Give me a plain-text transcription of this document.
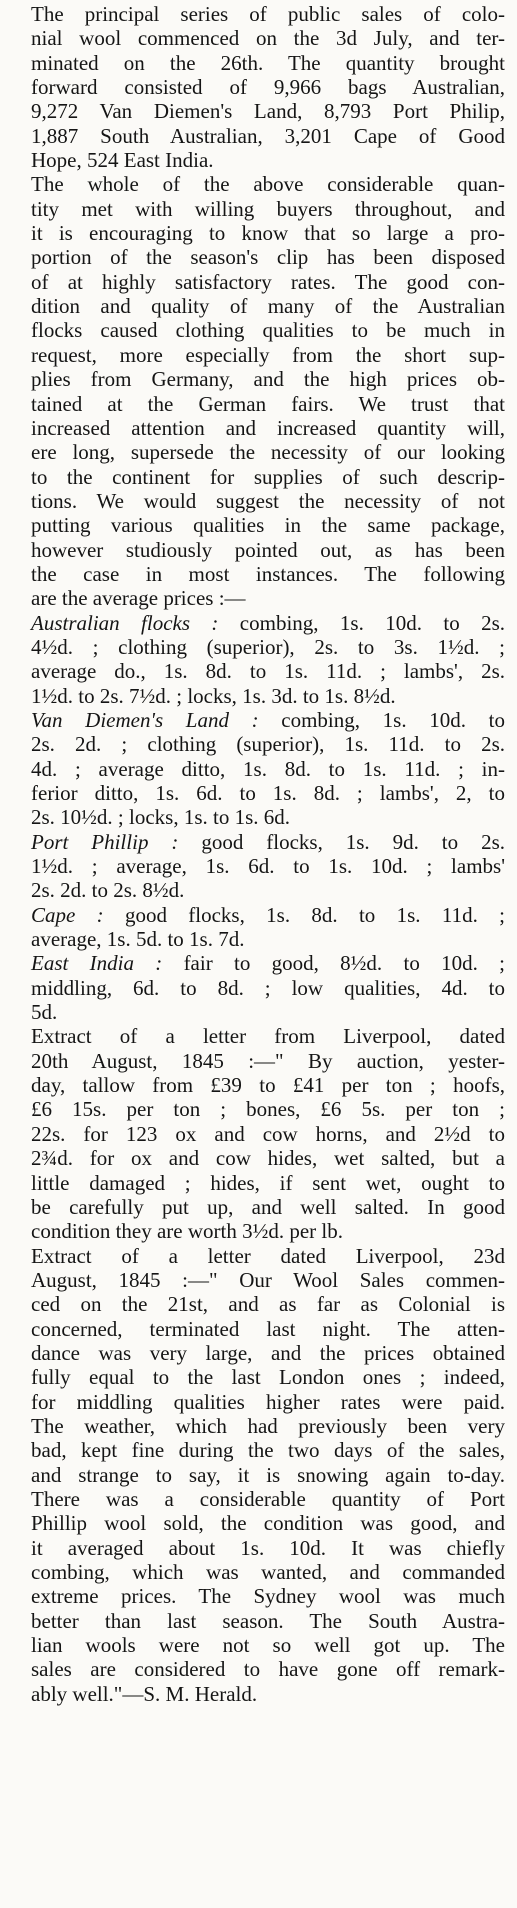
The principal series of public sales of colo-
nial wool commenced on the 3d July, and ter-
minated on the 26th. The quantity brought
forward consisted of 9,966 bags Australian,
9,272 Van Diemen's Land, 8,793 Port Philip,
1,887 South Australian, 3,201 Cape of Good
Hope, 524 East India.

The whole of the above considerable quan-
tity met with willing buyers throughout, and
it is encouraging to know that so large a pro-
portion of the season's clip has been disposed
of at highly satisfactory rates. The good con-
dition and quality of many of the Australian
flocks caused clothing qualities to be much in
request, more especially from the short sup-
plies from Germany, and the high prices ob-
tained at the German fairs. We trust that
increased attention and increased quantity will,
ere long, supersede the necessity of our looking
to the continent for supplies of such descrip-
tions. We would suggest the necessity of not
putting various qualities in the same package,
however studiously pointed out, as has been
the case in most instances. The following
are the average prices :—

Australian flocks : combing, 1s. 10d. to 2s.
4½d. ; clothing (superior), 2s. to 3s. 1½d. ;
average do., 1s. 8d. to 1s. 11d. ; lambs', 2s.
1½d. to 2s. 7½d. ; locks, 1s. 3d. to 1s. 8½d.

Van Diemen's Land : combing, 1s. 10d. to
2s. 2d. ; clothing (superior), 1s. 11d. to 2s.
4d. ; average ditto, 1s. 8d. to 1s. 11d. ; in-
ferior ditto, 1s. 6d. to 1s. 8d. ; lambs', 2, to
2s. 10½d. ; locks, 1s. to 1s. 6d.

Port Phillip : good flocks, 1s. 9d. to 2s.
1½d. ; average, 1s. 6d. to 1s. 10d. ; lambs'
2s. 2d. to 2s. 8½d.

Cape : good flocks, 1s. 8d. to 1s. 11d. ;
average, 1s. 5d. to 1s. 7d.

East India : fair to good, 8½d. to 10d. ;
middling, 6d. to 8d. ; low qualities, 4d. to
5d.

Extract of a letter from Liverpool, dated
20th August, 1845 :—" By auction, yester-
day, tallow from £39 to £41 per ton ; hoofs,
£6 15s. per ton ; bones, £6 5s. per ton ;
22s. for 123 ox and cow horns, and 2½d to
2¾d. for ox and cow hides, wet salted, but a
little damaged ; hides, if sent wet, ought to
be carefully put up, and well salted. In good
condition they are worth 3½d. per lb.

Extract of a letter dated Liverpool, 23d
August, 1845 :—" Our Wool Sales commen-
ced on the 21st, and as far as Colonial is
concerned, terminated last night. The atten-
dance was very large, and the prices obtained
fully equal to the last London ones ; indeed,
for middling qualities higher rates were paid.
The weather, which had previously been very
bad, kept fine during the two days of the sales,
and strange to say, it is snowing again to-day.
There was a considerable quantity of Port
Phillip wool sold, the condition was good, and
it averaged about 1s. 10d. It was chiefly
combing, which was wanted, and commanded
extreme prices. The Sydney wool was much
better than last season. The South Austra-
lian wools were not so well got up. The
sales are considered to have gone off remark-
ably well."—S. M. Herald.
